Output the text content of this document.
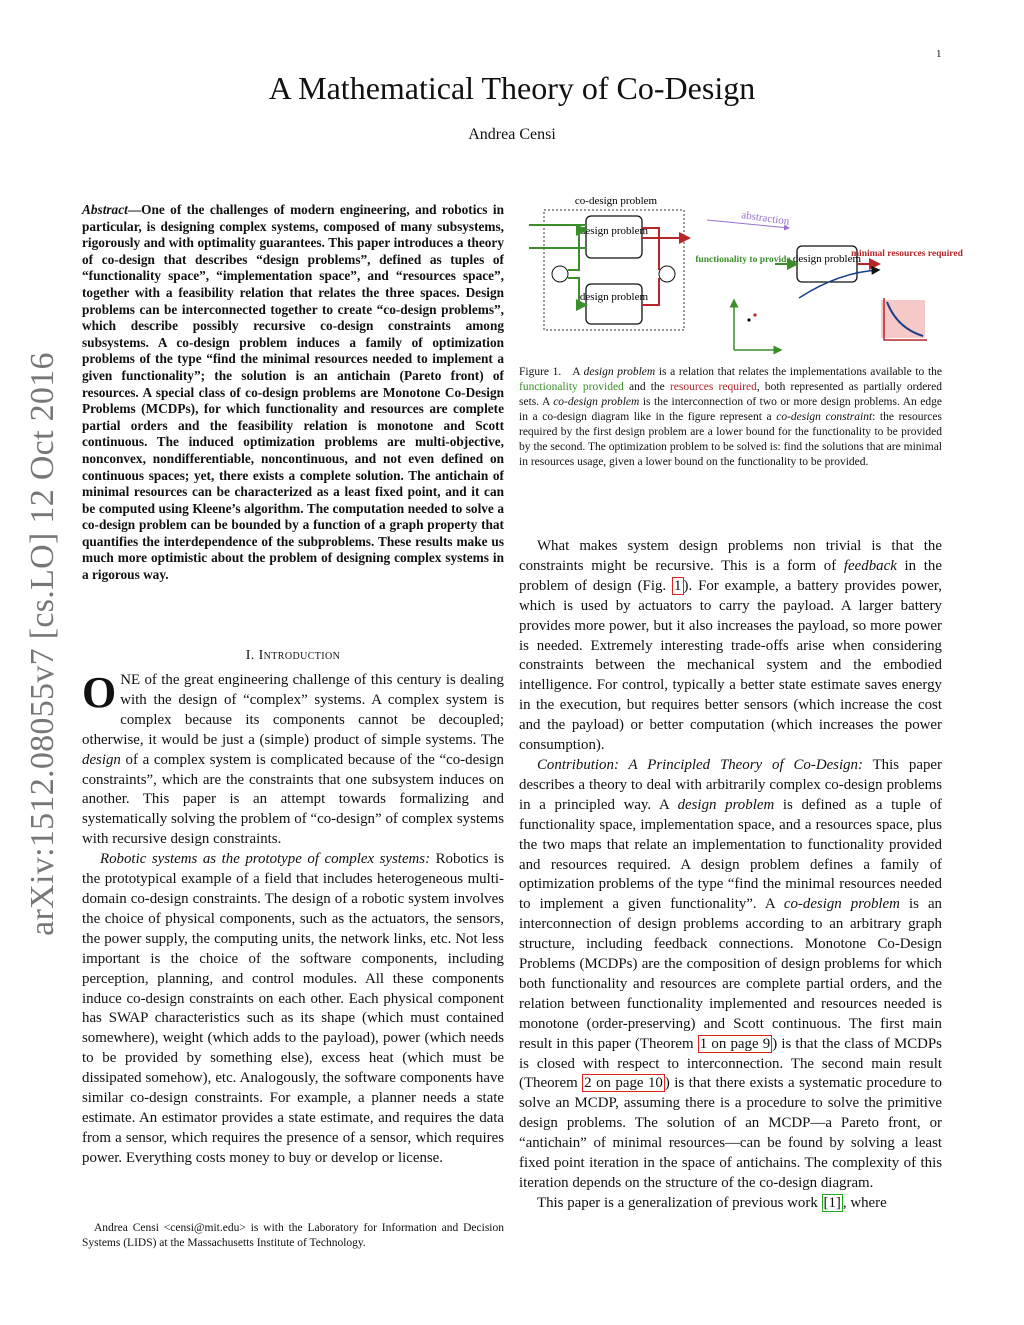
1
A Mathematical Theory of Co-Design
Andrea Censi
arXiv:1512.08055v7 [cs.LO] 12 Oct 2016
Abstract—One of the challenges of modern engineering, and robotics in particular, is designing complex systems, composed of many subsystems, rigorously and with optimality guarantees. This paper introduces a theory of co-design that describes “design problems”, defined as tuples of “functionality space”, “implementation space”, and “resources space”, together with a feasibility relation that relates the three spaces. Design problems can be interconnected together to create “co-design problems”, which describe possibly recursive co-design constraints among subsystems. A co-design problem induces a family of optimization problems of the type “find the minimal resources needed to implement a given functionality”; the solution is an antichain (Pareto front) of resources. A special class of co-design problems are Monotone Co-Design Problems (MCDPs), for which functionality and resources are complete partial orders and the feasibility relation is monotone and Scott continuous. The induced optimization problems are multi-objective, nonconvex, nondifferentiable, noncontinuous, and not even defined on continuous spaces; yet, there exists a complete solution. The antichain of minimal resources can be characterized as a least fixed point, and it can be computed using Kleene’s algorithm. The computation needed to solve a co-design problem can be bounded by a function of a graph property that quantifies the interdependence of the subproblems. These results make us much more optimistic about the problem of designing complex systems in a rigorous way.
I. Introduction

ONE of the great engineering challenge of this century is dealing with the design of “complex” systems. A complex system is complex because its components cannot be decoupled; otherwise, it would be just a (simple) product of simple systems. The design of a complex system is complicated because of the “co-design constraints”, which are the constraints that one subsystem induces on another. This paper is an attempt towards formalizing and systematically solving the problem of “co-design” of complex systems with recursive design constraints.

Robotic systems as the prototype of complex systems: Robotics is the prototypical example of a field that includes heterogeneous multi-domain co-design constraints. The design of a robotic system involves the choice of physical components, such as the actuators, the sensors, the power supply, the computing units, the network links, etc. Not less important is the choice of the software components, including perception, planning, and control modules. All these components induce co-design constraints on each other. Each physical component has SWAP characteristics such as its shape (which must contained somewhere), weight (which adds to the payload), power (which needs to be provided by something else), excess heat (which must be dissipated somehow), etc. Analogously, the software components have similar co-design constraints. For example, a planner needs a state estimate. An estimator provides a state estimate, and requires the data from a sensor, which requires the presence of a sensor, which requires power. Everything costs money to buy or develop or license.

Andrea Censi <censi@mit.edu> is with the Laboratory for Information and Decision Systems (LIDS) at the Massachusetts Institute of Technology.
co-design problem
design problem
design problem
abstraction
design problem
functionality to provide
minimal resources required
Figure 1. A design problem is a relation that relates the implementations available to the functionality provided and the resources required, both represented as partially ordered sets. A co-design problem is the interconnection of two or more design problems. An edge in a co-design diagram like in the figure represent a co-design constraint: the resources required by the first design problem are a lower bound for the functionality to be provided by the second. The optimization problem to be solved is: find the solutions that are minimal in resources usage, given a lower bound on the functionality to be provided.

What makes system design problems non trivial is that the constraints might be recursive. This is a form of feedback in the problem of design (Fig. 1 ). For example, a battery provides power, which is used by actuators to carry the payload. A larger battery provides more power, but it also increases the payload, so more power is needed. Extremely interesting trade-offs arise when considering constraints between the mechanical system and the embodied intelligence. For control, typically a better state estimate saves energy in the execution, but requires better sensors (which increase the cost and the payload) or better computation (which increases the power consumption).

Contribution: A Principled Theory of Co-Design: This paper describes a theory to deal with arbitrarily complex co-design problems in a principled way. A design problem is defined as a tuple of functionality space, implementation space, and a resources space, plus the two maps that relate an implementation to functionality provided and resources required. A design problem defines a family of optimization problems of the type “find the minimal resources needed to implement a given functionality”. A co-design problem is an interconnection of design problems according to an arbitrary graph structure, including feedback connections. Monotone Co-Design Problems (MCDPs) are the composition of design problems for which both functionality and resources are complete partial orders, and the relation between functionality implemented and resources needed is monotone (order-preserving) and Scott continuous. The first main result in this paper (Theorem 1 on page 9 ) is that the class of MCDPs is closed with respect to interconnection. The second main result (Theorem 2 on page 10 ) is that there exists a systematic procedure to solve an MCDP, assuming there is a procedure to solve the primitive design problems. The solution of an MCDP—a Pareto front, or “antichain” of minimal resources—can be found by solving a least fixed point iteration in the space of antichains. The complexity of this iteration depends on the structure of the co-design diagram.

This paper is a generalization of previous work [1] , where
